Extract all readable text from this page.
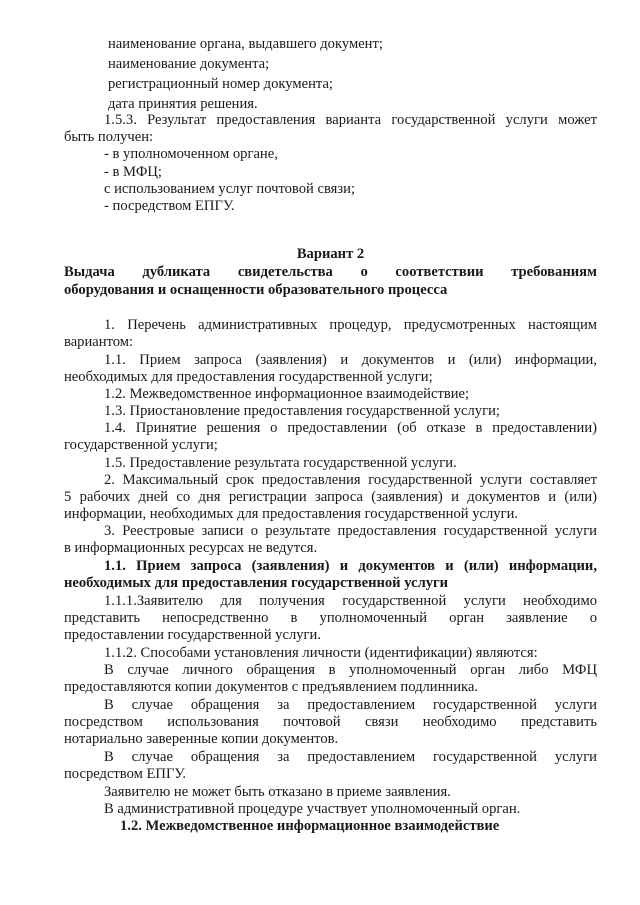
наименование органа, выдавшего документ;
наименование документа;
регистрационный номер документа;
дата принятия решения.
1.5.3. Результат предоставления варианта государственной услуги может
быть получен:
- в уполномоченном органе,
- в МФЦ;
с использованием услуг почтовой связи;
- посредством ЕПГУ.
Вариант 2
Выдача дубликата свидетельства о соответствии требованиям
оборудования и оснащенности образовательного процесса
1. Перечень административных процедур, предусмотренных настоящим
вариантом:
1.1. Прием запроса (заявления) и документов и (или) информации,
необходимых для предоставления государственной услуги;
1.2. Межведомственное информационное взаимодействие;
1.3. Приостановление предоставления государственной услуги;
1.4. Принятие решения о предоставлении (об отказе в предоставлении)
государственной услуги;
1.5. Предоставление результата государственной услуги.
2. Максимальный срок предоставления государственной услуги составляет
5 рабочих дней со дня регистрации запроса (заявления) и документов и (или)
информации, необходимых для предоставления государственной услуги.
3. Реестровые записи о результате предоставления государственной услуги
в информационных ресурсах не ведутся.
1.1. Прием запроса (заявления) и документов и (или) информации,
необходимых для предоставления государственной услуги
1.1.1.Заявителю для получения государственной услуги необходимо
представить непосредственно в уполномоченный орган заявление о
предоставлении государственной услуги.
1.1.2. Способами установления личности (идентификации) являются:
В случае личного обращения в уполномоченный орган либо МФЦ
предоставляются копии документов с предъявлением подлинника.
В случае обращения за предоставлением государственной услуги
посредством использования почтовой связи необходимо представить
нотариально заверенные копии документов.
В случае обращения за предоставлением государственной услуги
посредством ЕПГУ.
Заявителю не может быть отказано в приеме заявления.
В административной процедуре участвует уполномоченный орган.
1.2. Межведомственное информационное взаимодействие
